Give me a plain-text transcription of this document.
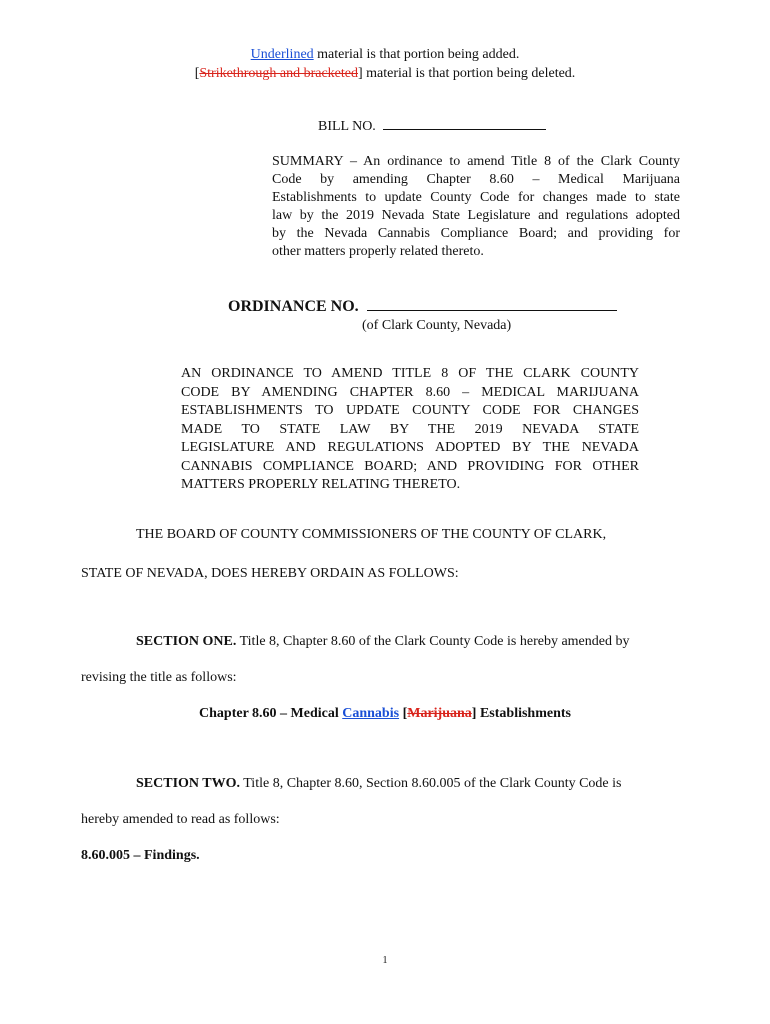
Underlined material is that portion being added.
[Strikethrough and bracketed] material is that portion being deleted.
BILL NO.
SUMMARY – An ordinance to amend Title 8 of the Clark County
Code by amending Chapter 8.60 – Medical Marijuana
Establishments to update County Code for changes made to state
law by the 2019 Nevada State Legislature and regulations adopted
by the Nevada Cannabis Compliance Board; and providing for
other matters properly related thereto.
ORDINANCE NO.
(of Clark County, Nevada)
AN ORDINANCE TO AMEND TITLE 8 OF THE CLARK COUNTY
CODE BY AMENDING CHAPTER 8.60 – MEDICAL MARIJUANA
ESTABLISHMENTS TO UPDATE COUNTY CODE FOR CHANGES
MADE TO STATE LAW BY THE 2019 NEVADA STATE
LEGISLATURE AND REGULATIONS ADOPTED BY THE NEVADA
CANNABIS COMPLIANCE BOARD; AND PROVIDING FOR OTHER
MATTERS PROPERLY RELATING THERETO.
THE BOARD OF COUNTY COMMISSIONERS OF THE COUNTY OF CLARK,
STATE OF NEVADA, DOES HEREBY ORDAIN AS FOLLOWS:
SECTION ONE. Title 8, Chapter 8.60 of the Clark County Code is hereby amended by
revising the title as follows:
Chapter 8.60 – Medical Cannabis [Marijuana] Establishments
SECTION TWO. Title 8, Chapter 8.60, Section 8.60.005 of the Clark County Code is
hereby amended to read as follows:
8.60.005 – Findings.
1
